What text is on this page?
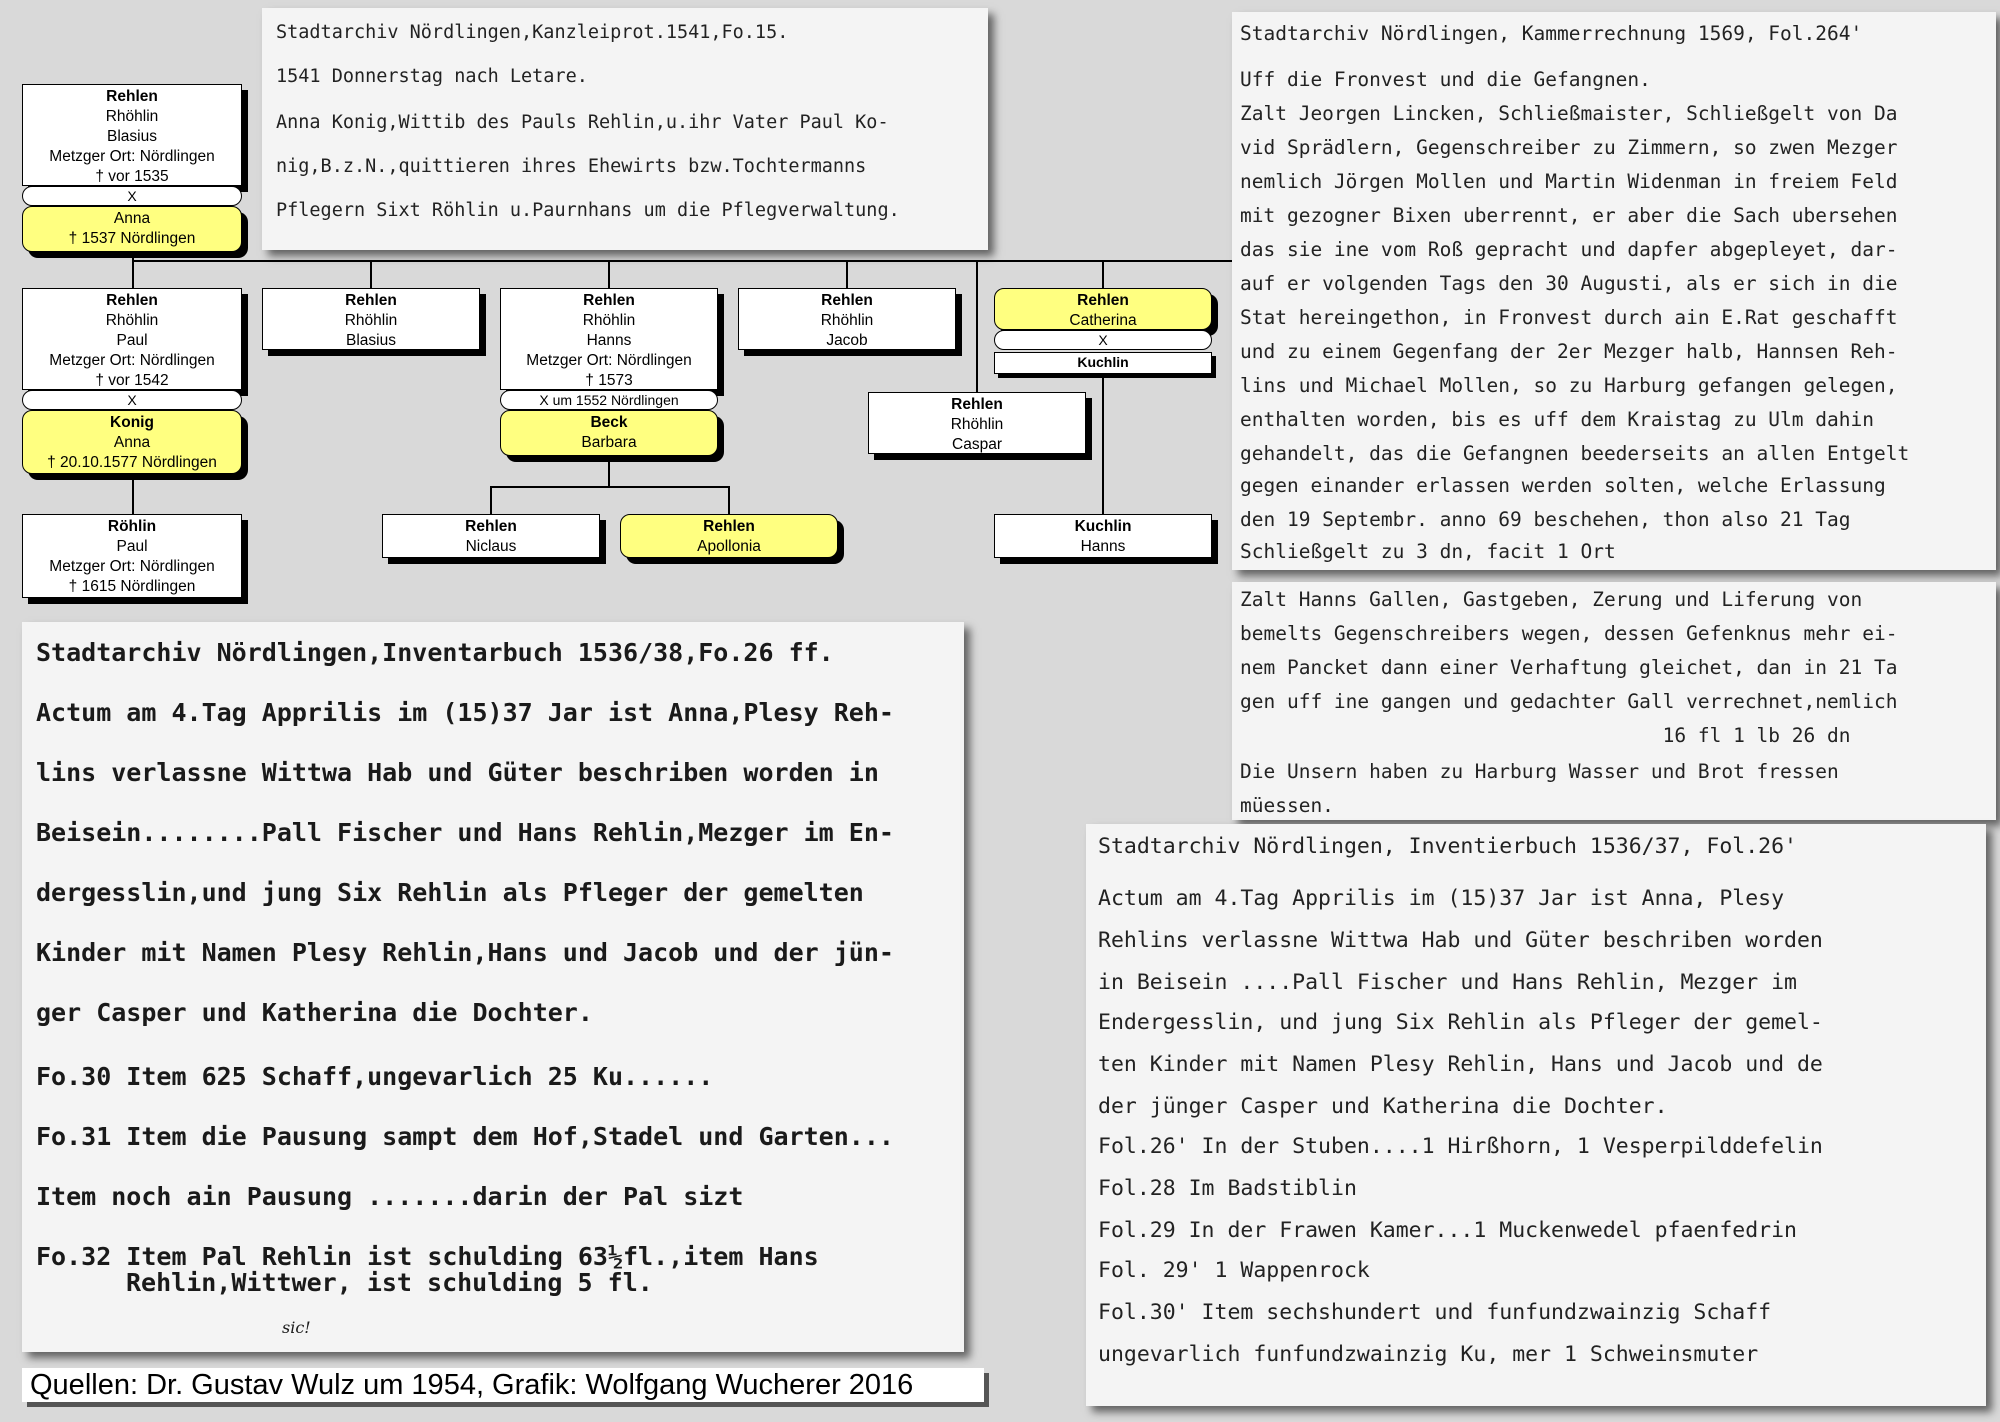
Rehlen
Rhöhlin
Blasius
Metzger Ort: Nördlingen
† vor 1535
X
Anna
† 1537 Nördlingen
Rehlen
Rhöhlin
Paul
Metzger Ort: Nördlingen
† vor 1542
X
Konig
Anna
† 20.10.1577 Nördlingen
Röhlin
Paul
Metzger Ort: Nördlingen
† 1615 Nördlingen
Rehlen
Rhöhlin
Blasius
Rehlen
Rhöhlin
Hanns
Metzger Ort: Nördlingen
† 1573
X um 1552 Nördlingen
Beck
Barbara
Rehlen
Rhöhlin
Jacob
Rehlen
Catherina
X
Kuchlin
Rehlen
Rhöhlin
Caspar
Rehlen
Niclaus
Rehlen
Apollonia
Kuchlin
Hanns
Stadtarchiv Nördlingen,Kanzleiprot.1541,Fo.15.
1541 Donnerstag nach Letare.
Anna Konig,Wittib des Pauls Rehlin,u.ihr Vater Paul Ko-
nig,B.z.N.,quittieren ihres Ehewirts bzw.Tochtermanns
Pflegern Sixt Röhlin u.Paurnhans um die Pflegverwaltung.
Stadtarchiv Nördlingen, Kammerrechnung 1569, Fol.264'
Uff die Fronvest und die Gefangnen.
Zalt Jeorgen Lincken, Schließmaister, Schließgelt von Da
vid Sprädlern, Gegenschreiber zu Zimmern, so zwen Mezger
nemlich Jörgen Mollen und Martin Widenman in freiem Feld
mit gezogner Bixen uberrennt, er aber die Sach ubersehen
das sie ine vom Roß gepracht und dapfer abgepleyet, dar-
auf er volgenden Tags den 30 Augusti, als er sich in die
Stat hereingethon, in Fronvest durch ain E.Rat geschafft
und zu einem Gegenfang der 2er Mezger halb, Hannsen Reh-
lins und Michael Mollen, so zu Harburg gefangen gelegen,
enthalten worden, bis es uff dem Kraistag zu Ulm dahin
gehandelt, das die Gefangnen beederseits an allen Entgelt
gegen einander erlassen werden solten, welche Erlassung
den 19 Septembr. anno 69 beschehen, thon also 21 Tag
Schließgelt zu 3 dn, facit 1 Ort
Zalt Hanns Gallen, Gastgeben, Zerung und Liferung von
bemelts Gegenschreibers wegen, dessen Gefenknus mehr ei-
nem Pancket dann einer Verhaftung gleichet, dan in 21 Ta
gen uff ine gangen und gedachter Gall verrechnet,nemlich
16 fl 1 lb 26 dn
Die Unsern haben zu Harburg Wasser und Brot fressen
müessen.
Stadtarchiv Nördlingen,Inventarbuch 1536/38,Fo.26 ff.
Actum am 4.Tag Apprilis im (15)37 Jar ist Anna,Plesy Reh-
lins verlassne Wittwa Hab und Güter beschriben worden in
Beisein........Pall Fischer und Hans Rehlin,Mezger im En-
dergesslin,und jung Six Rehlin als Pfleger der gemelten
Kinder mit Namen Plesy Rehlin,Hans und Jacob und der jün-
ger Casper und Katherina die Dochter.
Fo.30 Item 625 Schaff,ungevarlich 25 Ku......
Fo.31 Item die Pausung sampt dem Hof,Stadel und Garten...
Item noch ain Pausung .......darin der Pal sizt
Fo.32 Item Pal Rehlin ist schulding 63½fl.,item Hans
Rehlin,Wittwer, ist schulding 5 fl.
sic!
Stadtarchiv Nördlingen, Inventierbuch 1536/37, Fol.26'
Actum am 4.Tag Apprilis im (15)37 Jar ist Anna, Plesy
Rehlins verlassne Wittwa Hab und Güter beschriben worden
in Beisein ....Pall Fischer und Hans Rehlin, Mezger im
Endergesslin, und jung Six Rehlin als Pfleger der gemel-
ten Kinder mit Namen Plesy Rehlin, Hans und Jacob und de
der jünger Casper und Katherina die Dochter.
Fol.26' In der Stuben....1 Hirßhorn, 1 Vesperpilddefelin
Fol.28 Im Badstiblin
Fol.29 In der Frawen Kamer...1 Muckenwedel pfaenfedrin
Fol. 29' 1 Wappenrock
Fol.30' Item sechshundert und funfundzwainzig Schaff
ungevarlich funfundzwainzig Ku, mer 1 Schweinsmuter
Quellen: Dr. Gustav Wulz um 1954, Grafik: Wolfgang Wucherer 2016
